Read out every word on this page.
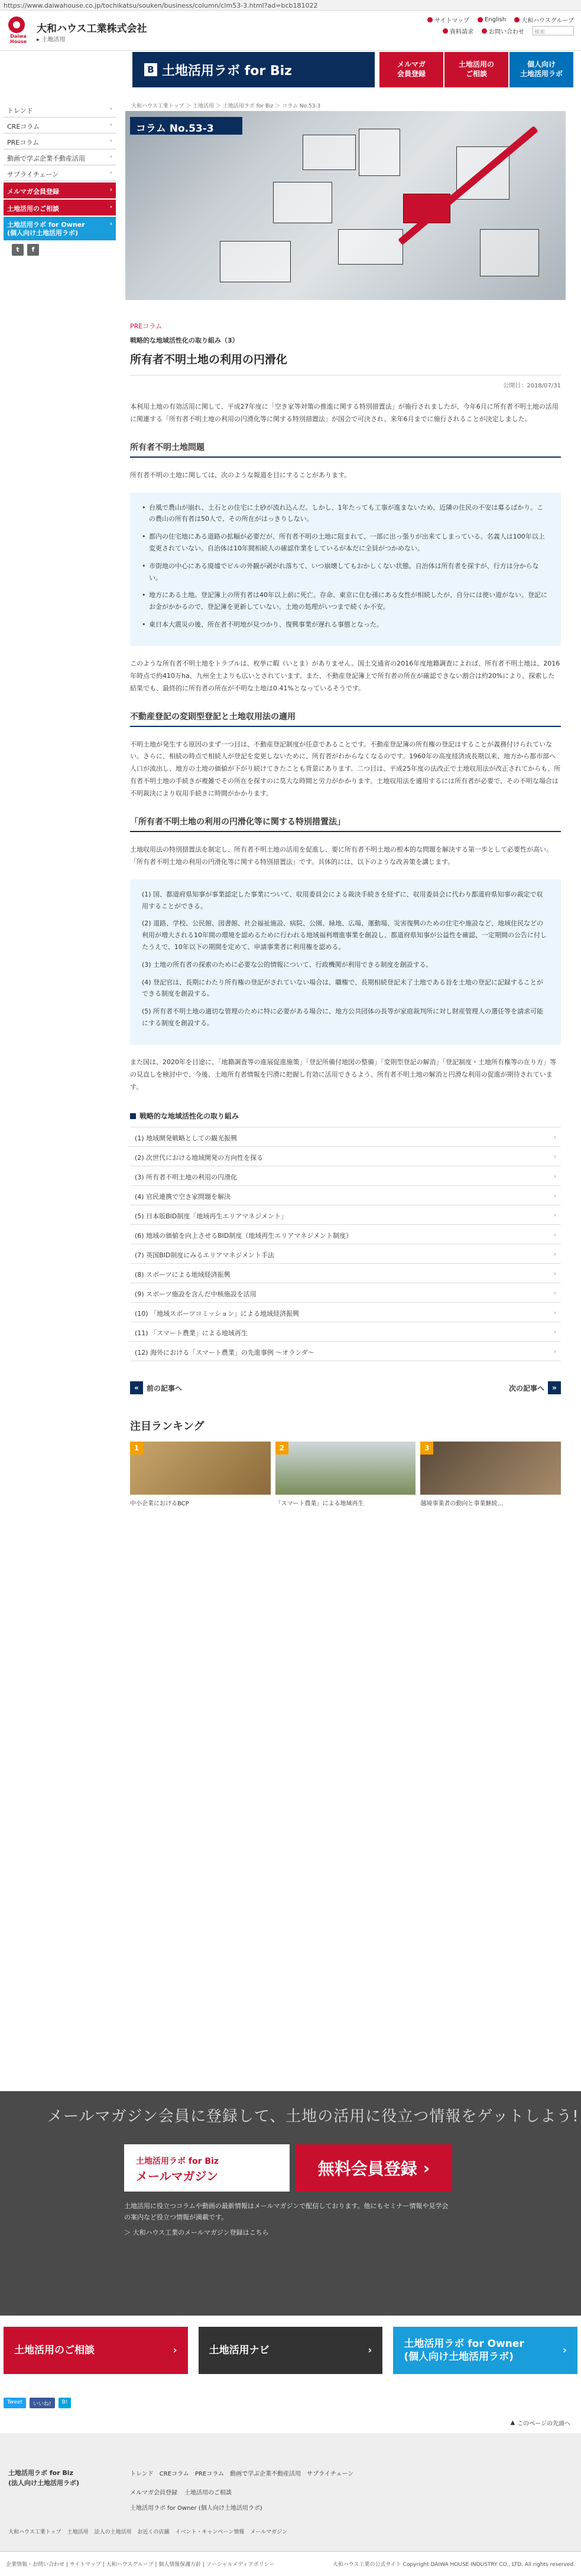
https://www.daiwahouse.co.jp/tochikatsu/souken/business/column/clm53-3.html?ad=bcb181022
Daiwa House
大和ハウス工業株式会社
▸ 土地活用
サイトマップ	English	大和ハウスグループ
資料請求	お問い合わせ	検索
B 土地活用ラボ for Biz	メルマガ
会員登録
土地活用の
ご相談
個人向け
土地活用ラボ
トレンド	›
CREコラム	›
PREコラム	›
動画で学ぶ企業不動産活用	›
サプライチェーン	›
メルマガ会員登録	›
土地活用のご相談	›
土地活用ラボ for Owner
(個人向け土地活用ラボ)
›
t	f
大和ハウス工業トップ ＞ 土地活用 ＞ 土地活用ラボ for Biz ＞ コラム No.53-3
コラム No.53-3
PREコラム
戦略的な地域活性化の取り組み（3）
所有者不明土地の利用の円滑化
公開日：2018/07/31

本利用土地の有効活用に関して、平成27年度に「空き家等対策の推進に関する特別措置法」が施行されましたが、今年6月に所有者不明土地の活用に関連する「所有者不明土地の利用の円滑化等に関する特別措置法」が国会で可決され、来年6月までに施行されることが決定しました。

所有者不明土地問題

所有者不明の土地に関しては、次のような報道を目にすることがあります。

• 台風で農山が崩れ、土石との住宅に土砂が流れ込んだ。しかし、1年たっても工事が進まないため、近隣の住民の不安は募るばかり。この農山の所有者は50人で、その所在がはっきりしない。
• 都内の住宅地にある道路の拡幅が必要だが、所有者不明の土地に阻まれて、一部に出っ張りが出来てしまっている。名義人は100年以上変更されていない。自治体は10年間相続人の確認作業をしているが本だに全員がつかめない。
• 市街地の中心にある廃墟でビルの外観が剥がれ落ちて、いつ崩壊してもおかしくない状態。自治体は所有者を探すが、行方は分からない。
• 地方にある土地。登記簿上の所有者は40年以上前に死亡。存命、東京に住む孫にある女性が相続したが、自分には使い道がない。登記にお金がかかるので、登記簿を更新していない。土地の処理がいつまで続くか不安。
• 東日本大震災の後、所在者不明地が見つかり、復興事業が遅れる事態となった。

このような所有者不明土地をトラブルは、枚挙に暇（いとま）がありません。国土交通省の2016年度地籍調査によれば、所有者不明土地は、2016年時点で約410万ha、九州全土よりも広いとされています。また、不動産登記簿上で所有者の所在が確認できない割合は約20%により、探索した結果でも、最終的に所有者の所在が不明な土地は0.41%となっているそうです。

不動産登記の変則型登記と土地収用法の適用

不明土地が発生する原因のまず一つ目は、不動産登記制度が任意であることです。不動産登記簿の所有権の登記はすることが義務付けられていない。さらに、相続の時点で相続人が登記を変更しないために、所有者がわからなくなるのです。1960年の高度経済成長期以来、地方から都市部へ人口が流出し、地方の土地の価値が下がり続けてきたことも背景にあります。二つ目は、平成25年度の法改正で土地収用法が改正されてからも、所有者不明土地の手続きが複雑でその所在を探すのに莫大な時間と労力がかかります。土地収用法を適用するには所有者が必要で、その不明な場合は不明裁決により収用手続きに時間がかかります。

「所有者不明土地の利用の円滑化等に関する特別措置法」

土地収用法の特別措置法を制定し、所有者不明土地の活用を促進し、要に所有者不明土地の根本的な問題を解決する第一歩として必要性が高い。「所有者不明土地の利用の円滑化等に関する特別措置法」です。具体的には、以下のような改善策を講じます。

(1) 国、都道府県知事が事業認定した事業について、収用委員会による裁決手続きを経ずに、収用委員会に代わり都道府県知事の裁定で収用することができる。
(2) 道路、学校、公民館、図書館、社会福祉施設、病院、公園、緑地、広場、運動場、災害復興のための住宅や施設など、地域住民などの利用が増大される10年間の環境を認めるために行われる地域福利増進事業を創設し、都道府県知事が公益性を確認、一定期間の公告に付したうえで、10年以下の期間を定めて、申請事業者に利用権を認める。
(3) 土地の所有者の探索のために必要な公的情報について、行政機関が利用できる制度を創設する。
(4) 登記官は、長期にわたり所有権の登記がされていない場合は、職権で、長期相続登記未了土地である旨を土地の登記に記録することができる制度を創設する。
(5) 所有者不明土地の適切な管理のために特に必要がある場合に、地方公共団体の長等が家庭裁判所に対し財産管理人の選任等を請求可能にする制度を創設する。

また国は、2020年を目途に、「地籍調査等の進展促進施策」「登記所備付地図の整備」「変則型登記の解消」「登記制度・土地所有権等の在り方」等の見直しを検討中で、今後、土地所有者情報を円滑に把握し有効に活用できるよう、所有者不明土地の解消と円滑な利用の促進が期待されています。

戦略的な地域活性化の取り組み
(1) 地域開発戦略としての観光振興	›
(2) 次世代における地域開発の方向性を探る	›
(3) 所有者不明土地の利用の円滑化	›
(4) 官民連携で空き家問題を解決	›
(5) 日本版BID制度「地域再生エリアマネジメント」	›
(6) 地域の価値を向上させるBID制度（地域再生エリアマネジメント制度）	›
(7) 英国BID制度にみるエリアマネジメント手法	›
(8) スポーツによる地域経済振興	›
(9) スポーツ施設を含んだ中核施設を活用	›
(10) 「地域スポーツコミッション」による地域経済振興	›
(11) 「スマート農業」による地域再生	›
(12) 海外における「スマート農業」の先進事例 〜オランダ〜	›
«	前の記事へ	次の記事へ	»
注目ランキング
1
中小企業におけるBCP
2
「スマート農業」による地域再生
3
越境事業者の動向と事業継続…
メールマガジン会員に登録して、土地の活用に役立つ情報をゲットしよう!
土地活用ラボ for Biz
メールマガジン	無料会員登録 ›
土地活用に役立つコラムや動画の最新情報はメールマガジンで配信しております。他にもセミナー情報や見学会の案内など役立つ情報が満載です。
＞ 大和ハウス工業のメールマガジン登録はこちら
土地活用のご相談	›	土地活用ナビ	›
土地活用ラボ for Owner
(個人向け土地活用ラボ)
›
Tweet	いいね!	B!
▲ このページの先頭へ
土地活用ラボ for Biz
(法人向け土地活用ラボ)
トレンド CREコラム PREコラム 動画で学ぶ企業不動産活用 サプライチェーン
メルマガ会員登録 土地活用のご相談
土地活用ラボ for Owner (個人向け土地活用ラボ)
大和ハウス工業トップ 土地活用 法人の土地活用 お近くの店舗 イベント・キャンペーン情報 メールマガジン
企業情報・お問い合わせ | サイトマップ | 大和ハウスグループ | 個人情報保護方針 | ソーシャルメディアポリシー	大和ハウス工業の公式サイト Copyright DAIWA HOUSE INDUSTRY CO., LTD. All rights reserved.
